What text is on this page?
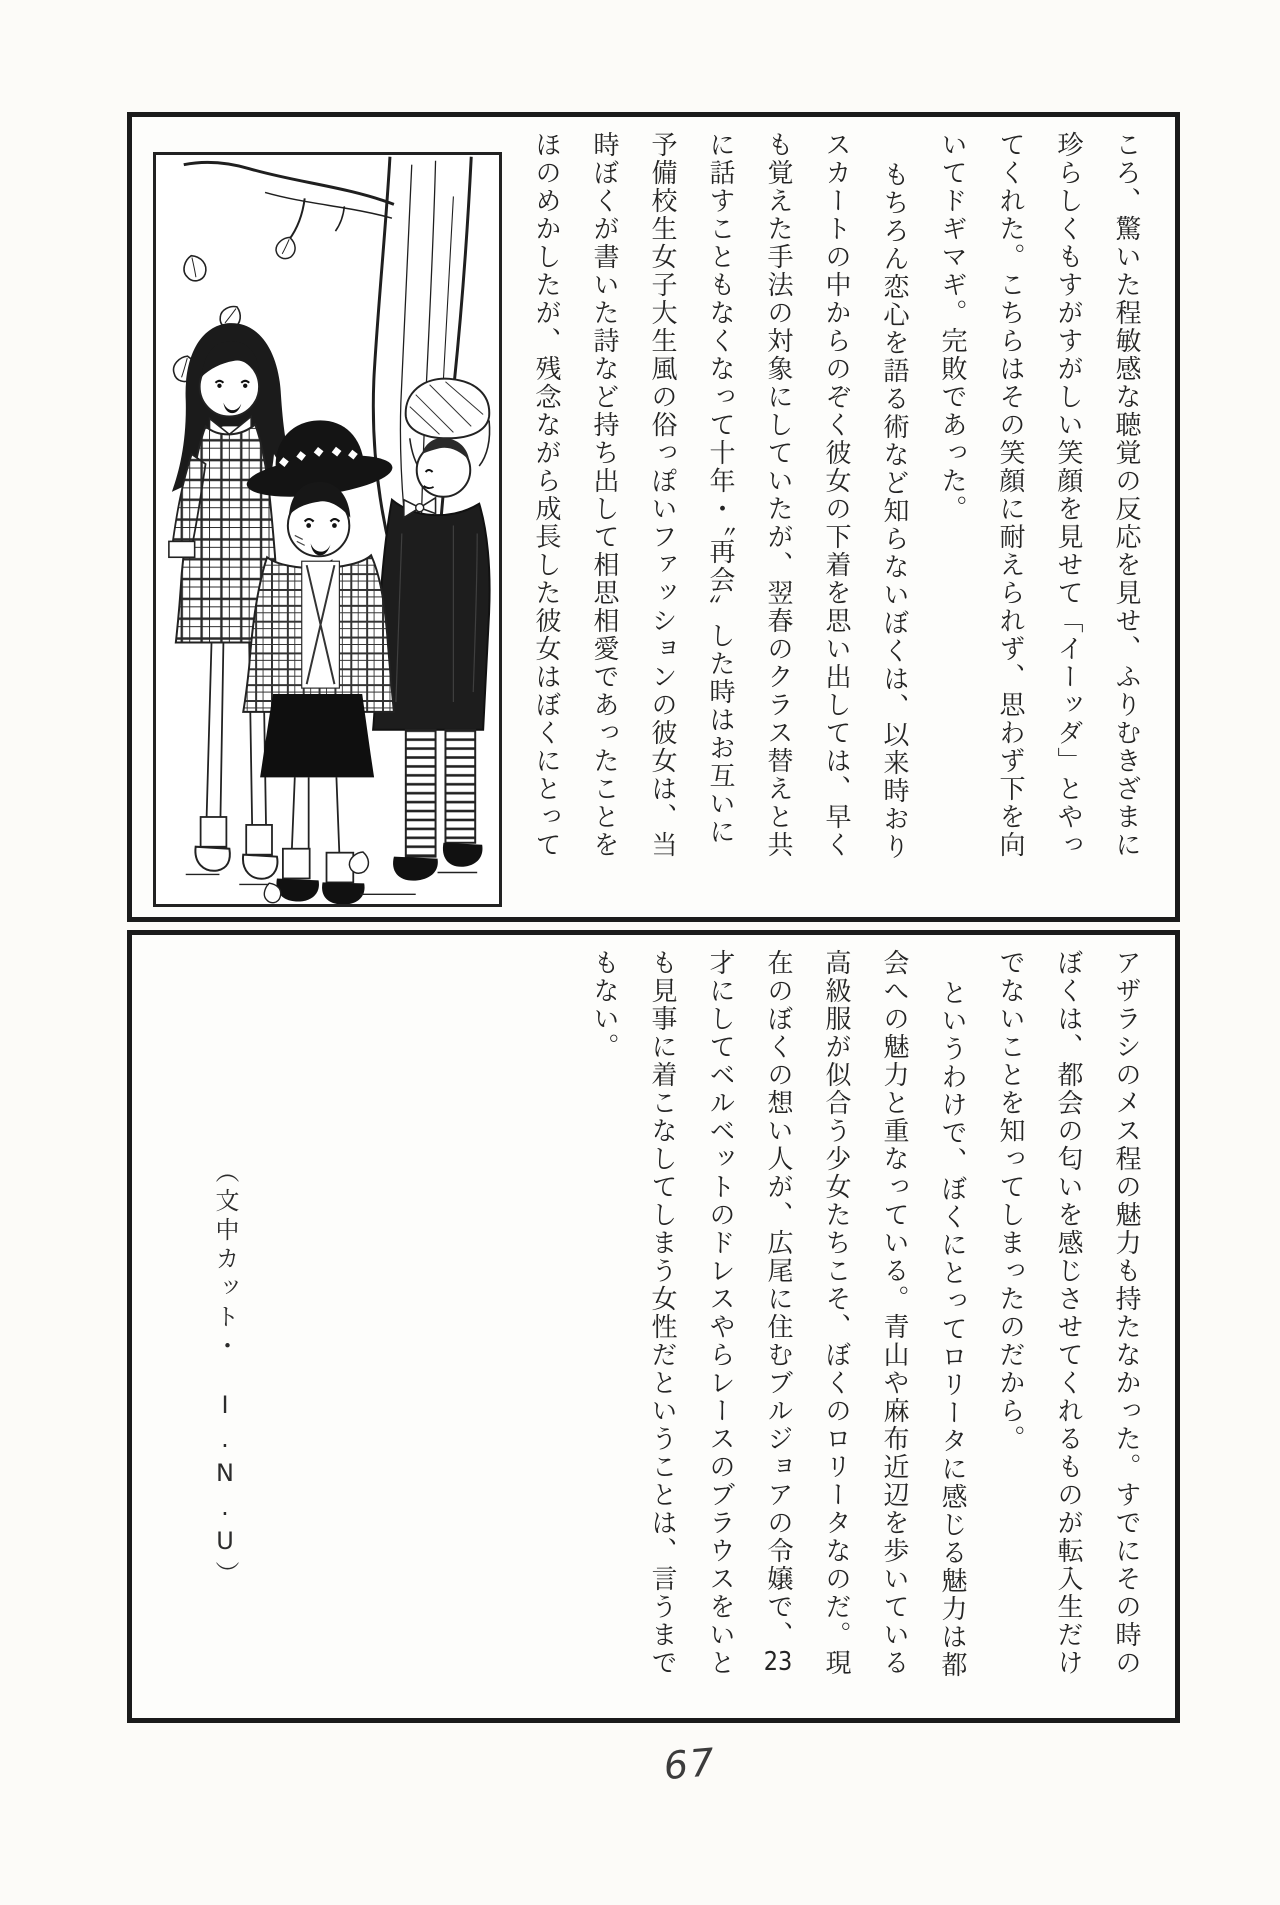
ころ、驚いた程敏感な聴覚の反応を見せ、ふりむきざまに

珍らしくもすがすがしい笑顔を見せて「イーッダ」とやっ

てくれた。こちらはその笑顔に耐えられず、思わず下を向

いてドギマギ。完敗であった。

もちろん恋心を語る術など知らないぼくは、以来時おり

スカートの中からのぞく彼女の下着を思い出しては、早く

も覚えた手法の対象にしていたが、翌春のクラス替えと共

に話すこともなくなって十年・〝再会〟した時はお互いに

予備校生女子大生風の俗っぽいファッションの彼女は、当

時ぼくが書いた詩など持ち出して相思相愛であったことを

ほのめかしたが、残念ながら成長した彼女はぼくにとって

アザラシのメス程の魅力も持たなかった。すでにその時の

ぼくは、都会の匂いを感じさせてくれるものが転入生だけ

でないことを知ってしまったのだから。

というわけで、ぼくにとってロリータに感じる魅力は都

会への魅力と重なっている。青山や麻布近辺を歩いている

高級服が似合う少女たちこそ、ぼくのロリータなのだ。現

在のぼくの想い人が、広尾に住むブルジョアの令嬢で、23

才にしてベルベットのドレスやらレースのブラウスをいと

も見事に着こなしてしまう女性だということは、言うまで

もない。

（文中カット・　I.N.U）

67
